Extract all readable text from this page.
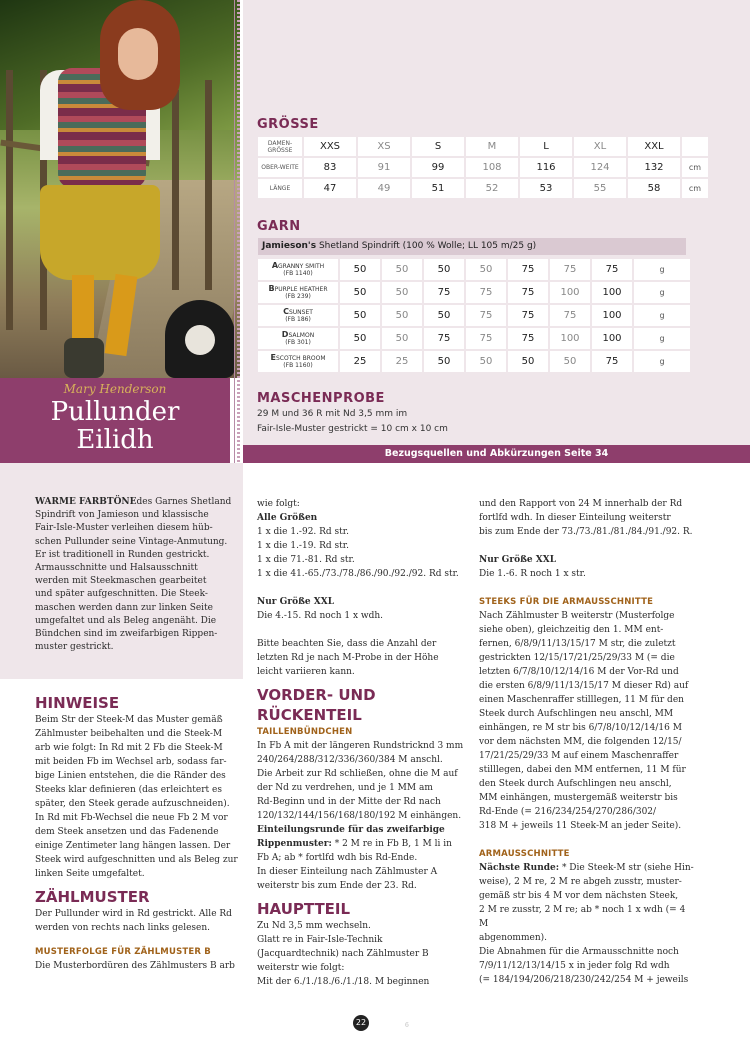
Mary Henderson
Pullunder
Eilidh
GRÖSSE
DAMEN-GRÖSSE	XXS	XS	S	M	L	XL	XXL	
OBER-WEITE	83	91	99	108	116	124	132	cm
LÄNGE	47	49	51	52	53	55	58	cm
GARN
Jamieson's Shetland Spindrift (100 % Wolle; LL 105 m/25 g)
AGRANNY SMITH
(FB 1140)	50	50	50	50	75	75	75	g
BPURPLE HEATHER
(FB 239)	50	50	75	75	75	100	100	g
CSUNSET
(FB 186)	50	50	50	75	75	75	100	g
DSALMON
(FB 301)	50	50	75	75	75	100	100	g
ESCOTCH BROOM
(FB 1160)	25	25	50	50	50	50	75	g
MASCHENPROBE
29 M und 36 R mit Nd 3,5 mm im
Fair-Isle-Muster gestrickt = 10 cm x 10 cm
Bezugsquellen und Abkürzungen Seite 34
WARME FARBTÖNEdes Garnes Shetland
Spindrift von Jamieson und klassische
Fair-Isle-Muster verleihen diesem hüb-
schen Pullunder seine Vintage-Anmutung.
Er ist traditionell in Runden gestrickt.
Armausschnitte und Halsausschnitt
werden mit Steekmaschen gearbeitet
und später aufgeschnitten. Die Steek-
maschen werden dann zur linken Seite
umgefaltet und als Beleg angenäht. Die
Bündchen sind im zweifarbigen Rippen-
muster gestrickt.
HINWEISE

Beim Str der Steek-M das Muster gemäß

Zählmuster beibehalten und die Steek-M

arb wie folgt: In Rd mit 2 Fb die Steek-M

mit beiden Fb im Wechsel arb, sodass far-

bige Linien entstehen, die die Ränder des

Steeks klar definieren (das erleichtert es

später, den Steek gerade aufzuschneiden).

In Rd mit Fb-Wechsel die neue Fb 2 M vor

dem Steek ansetzen und das Fadenende

einige Zentimeter lang hängen lassen. Der

Steek wird aufgeschnitten und als Beleg zur

linken Seite umgefaltet.

ZÄHLMUSTER

Der Pullunder wird in Rd gestrickt. Alle Rd

werden von rechts nach links gelesen.

MUSTERFOLGE FÜR ZÄHLMUSTER B

Die Musterbordüren des Zählmusters B arb

wie folgt:

Alle Größen

1 x die 1.-92. Rd str.

1 x die 1.-19. Rd str.

1 x die 71.-81. Rd str.

1 x die 41.-65./73./78./86./90./92./92. Rd str.

Nur Größe XXL

Die 4.-15. Rd noch 1 x wdh.

Bitte beachten Sie, dass die Anzahl der

letzten Rd je nach M-Probe in der Höhe

leicht variieren kann.

VORDER- UND RÜCKENTEIL
TAILLENBÜNDCHEN

In Fb A mit der längeren Rundstricknd 3 mm

240/264/288/312/336/360/384 M anschl.

Die Arbeit zur Rd schließen, ohne die M auf

der Nd zu verdrehen, und je 1 MM am

Rd-Beginn und in der Mitte der Rd nach

120/132/144/156/168/180/192 M einhängen.

Einteilungsrunde für das zweifarbige

Rippenmuster: * 2 M re in Fb B, 1 M li in

Fb A; ab * fortlfd wdh bis Rd-Ende.

In dieser Einteilung nach Zählmuster A

weiterstr bis zum Ende der 23. Rd.

HAUPTTEIL

Zu Nd 3,5 mm wechseln.

Glatt re in Fair-Isle-Technik

(Jacquardtechnik) nach Zählmuster B

weiterstr wie folgt:

Mit der 6./1./18./6./1./18. M beginnen

und den Rapport von 24 M innerhalb der Rd

fortlfd wdh. In dieser Einteilung weiterstr

bis zum Ende der 73./73./81./81./84./91./92. R.

Nur Größe XXL

Die 1.-6. R noch 1 x str.

STEEKS FÜR DIE ARMAUSSCHNITTE

Nach Zählmuster B weiterstr (Musterfolge

siehe oben), gleichzeitig den 1. MM ent-

fernen, 6/8/9/11/13/15/17 M str, die zuletzt

gestrickten 12/15/17/21/25/29/33 M (= die

letzten 6/7/8/10/12/14/16 M der Vor-Rd und

die ersten 6/8/9/11/13/15/17 M dieser Rd) auf

einen Maschenraffer stilllegen, 11 M für den

Steek durch Aufschlingen neu anschl, MM

einhängen, re M str bis 6/7/8/10/12/14/16 M

vor dem nächsten MM, die folgenden 12/15/

17/21/25/29/33 M auf einem Maschenraffer

stilllegen, dabei den MM entfernen, 11 M für

den Steek durch Aufschlingen neu anschl,

MM einhängen, mustergemäß weiterstr bis

Rd-Ende (= 216/234/254/270/286/302/

318 M + jeweils 11 Steek-M an jeder Seite).

ARMAUSSCHNITTE

Nächste Runde: * Die Steek-M str (siehe Hin-

weise), 2 M re, 2 M re abgeh zusstr, muster-

gemäß str bis 4 M vor dem nächsten Steek,

2 M re zusstr, 2 M re; ab * noch 1 x wdh (= 4 M

abgenommen).

Die Abnahmen für die Armausschnitte noch

7/9/11/12/13/14/15 x in jeder folg Rd wdh

(= 184/194/206/218/230/242/254 M + jeweils

22	6
